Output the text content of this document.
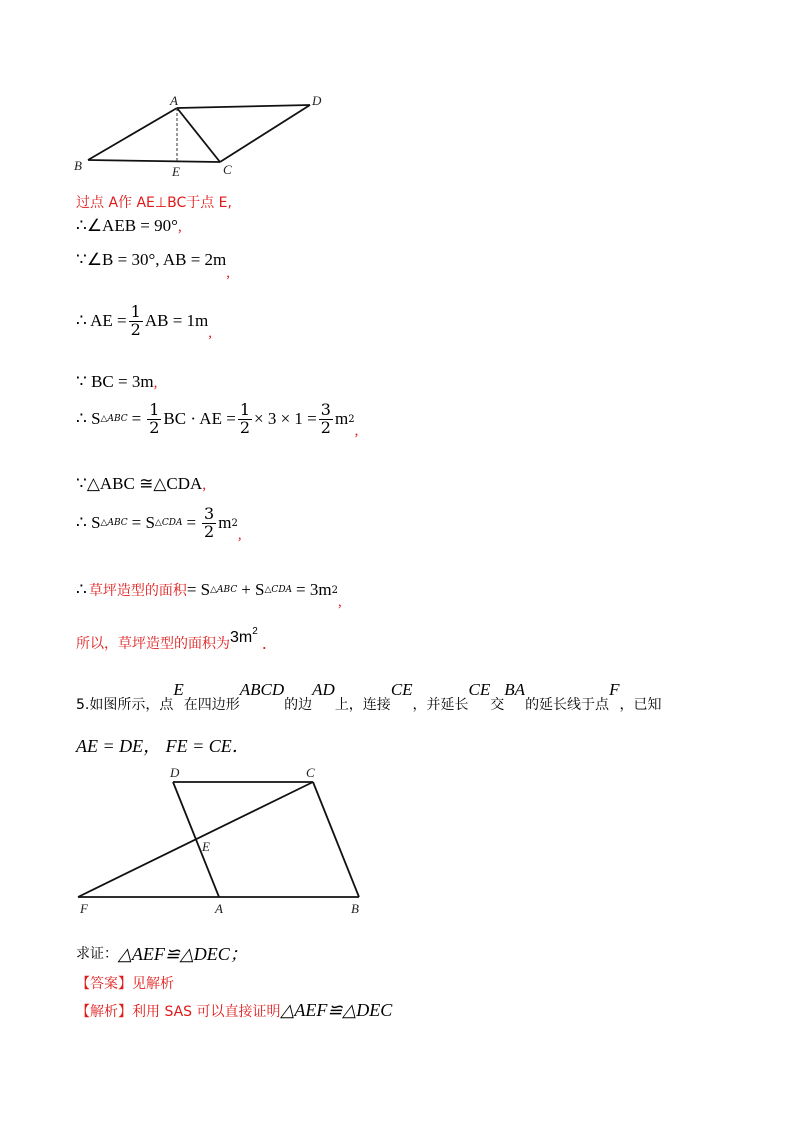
A	D
B	E	C
过点 A作 AE⊥BC于点 E,
∴∠AEB = 90°,
∵∠B = 30°, AB = 2m,
∴ AE = $\frac{1}{2}$ AB = 1m
,
∵ BC = 3m,
∴ S △ABC = $\frac{1}{2}$ BC · AE = $\frac{1}{2} \times 3 \times 1 = \frac{3}{2}$ m 2
,
∵△ABC ≅△CDA,
∴ S △ABC = S △CDA = $\frac{3}{2}$ m 2
,
∴ 草坪造型的面积 = S △ABC + S △CDA = 3m 2
,
所以，草坪造型的面积为 $3m^2$
.
5.如图所示，点
E
在四边形
ABCD
的边
AD
上，连接
CE
，并延长
CE
交
BA
的延长线于点
F
，已知
AE = DE， FE = CE．
D	C
E
F	A	B
求证： △AEF≌△DEC；
【答案】见解析
【解析】 利用 SAS 可以直接证明 △AEF≌△DEC
